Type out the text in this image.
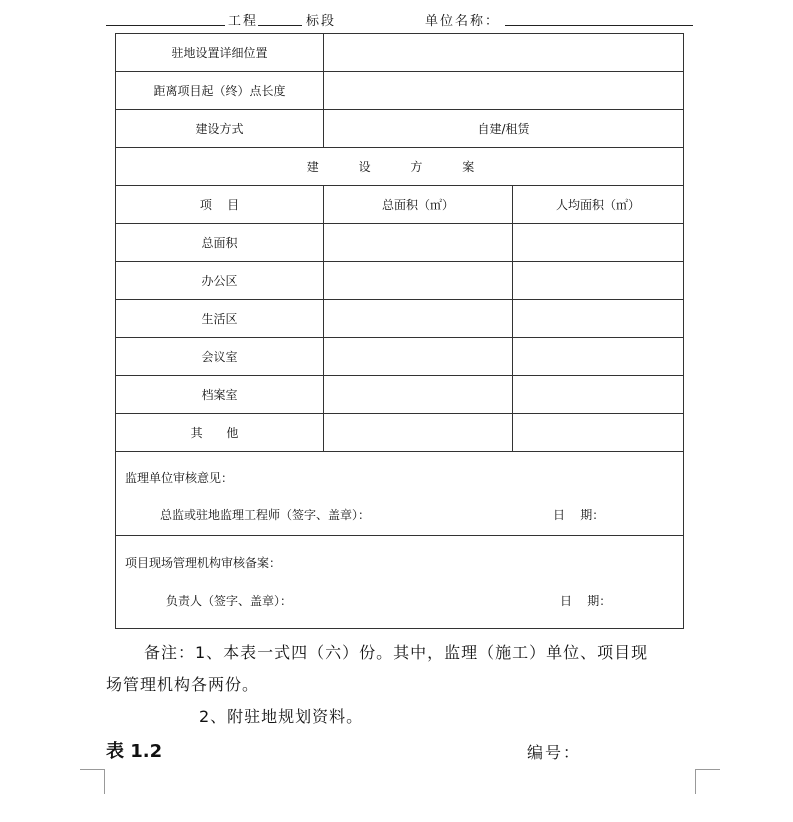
工程	标段	单位名称：
驻地设置详细位置		
距离项目起（终）点长度		
建设方式	自建/租赁	
建 设 方 案		
项    目	总面积（㎡）	人均面积（㎡）
总面积		
办公区		
生活区		
会议室		
档案室		
其 他		

监理单位审核意见：
总监或驻地监理工程师（签字、盖章）： 日    期：		

项目现场管理机构审核备案：
负责人（签字、盖章）： 日    期：		
备注：1、本表一式四（六）份。其中，监理（施工）单位、项目现
场管理机构各两份。
2、附驻地规划资料。
表 1.2	编号：
